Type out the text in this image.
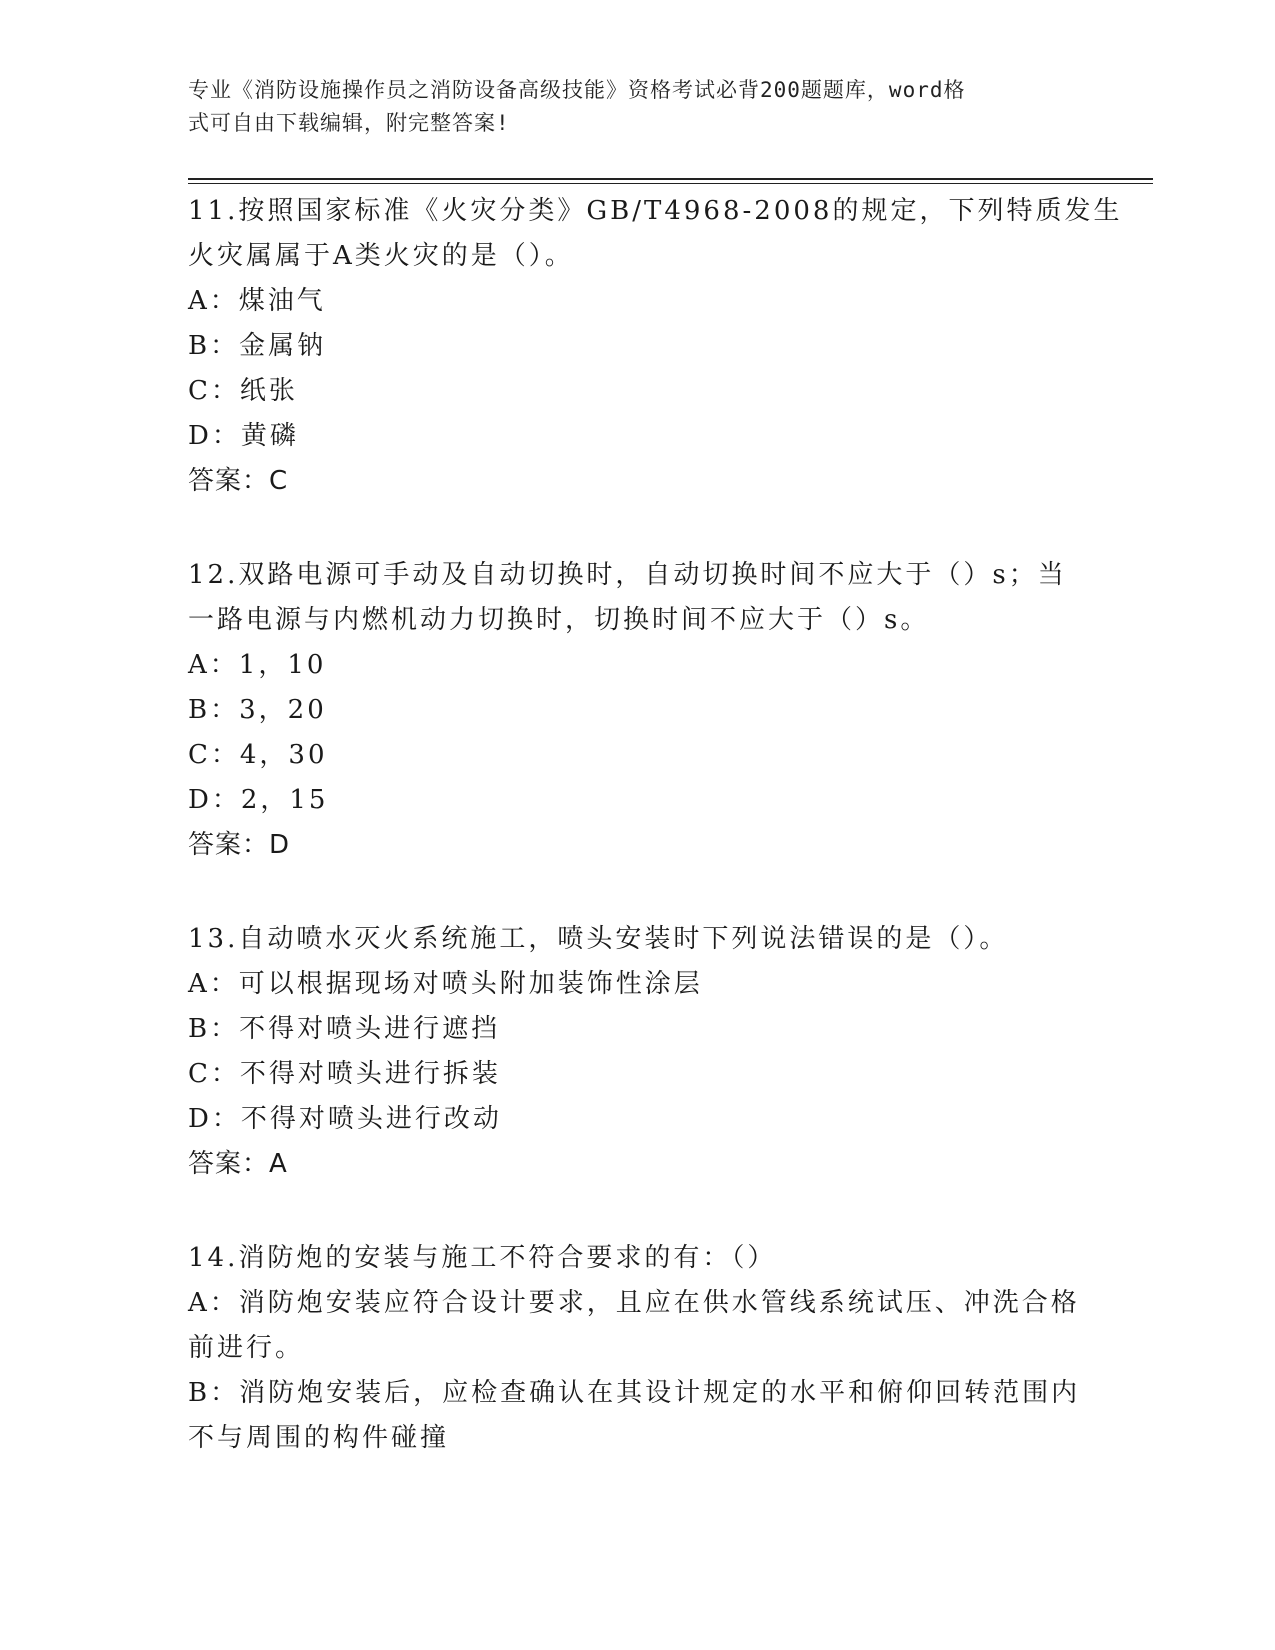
专业《消防设施操作员之消防设备高级技能》资格考试必背200题题库，word格
式可自由下载编辑，附完整答案!
11.按照国家标准《火灾分类》GB/T4968-2008的规定，下列特质发生
火灾属属于A类火灾的是（）。
A：煤油气
B：金属钠
C：纸张
D：黄磷
答案：C
12.双路电源可手动及自动切换时，自动切换时间不应大于（）s；当
一路电源与内燃机动力切换时，切换时间不应大于（）s。
A：1，10
B：3，20
C：4，30
D：2，15
答案：D
13.自动喷水灭火系统施工，喷头安装时下列说法错误的是（）。
A：可以根据现场对喷头附加装饰性涂层
B：不得对喷头进行遮挡
C：不得对喷头进行拆装
D：不得对喷头进行改动
答案：A
14.消防炮的安装与施工不符合要求的有：（）
A：消防炮安装应符合设计要求，且应在供水管线系统试压、冲洗合格
前进行。
B：消防炮安装后，应检查确认在其设计规定的水平和俯仰回转范围内
不与周围的构件碰撞
